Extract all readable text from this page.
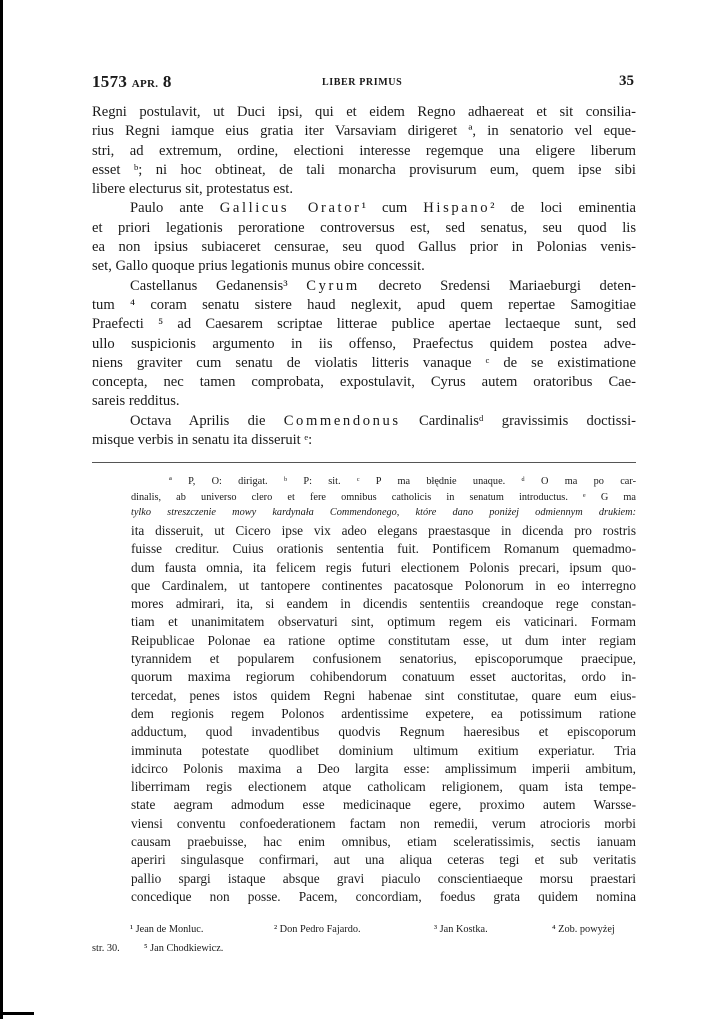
1573 APR. 8	LIBER PRIMUS	35

Regni postulavit, ut Duci ipsi, qui et eidem Regno adhaereat et sit consilia-

rius Regni iamque eius gratia iter Varsaviam dirigeret ª, in senatorio vel eque-

stri, ad extremum, ordine, electioni interesse regemque una eligere liberum

esset ᵇ; ni hoc obtineat, de tali monarcha provisurum eum, quem ipse sibi

libere electurus sit, protestatus est.

Paulo ante Gallicus Orator¹ cum Hispano² de loci eminentia

et priori legationis peroratione controversus est, sed senatus, seu quod lis

ea non ipsius subiaceret censurae, seu quod Gallus prior in Polonias venis-

set, Gallo quoque prius legationis munus obire concessit.

Castellanus Gedanensis³ Cyrum decreto Sredensi Mariaeburgi deten-

tum ⁴ coram senatu sistere haud neglexit, apud quem repertae Samogitiae

Praefecti ⁵ ad Caesarem scriptae litterae publice apertae lectaeque sunt, sed

ullo suspicionis argumento in iis offenso, Praefectus quidem postea adve-

niens graviter cum senatu de violatis litteris vanaque ᶜ de se existimatione

concepta, nec tamen comprobata, expostulavit, Cyrus autem oratoribus Cae-

sareis redditus.

Octava Aprilis die Commendonus Cardinalisᵈ gravissimis doctissi-

misque verbis in senatu ita disseruit ᵉ:

ª P, O: dirigat. ᵇ P: sit. ᶜ P ma błędnie unaque. ᵈ O ma po car-

dinalis, ab universo clero et fere omnibus catholicis in senatum introductus. ᵉ G ma

tylko streszczenie mowy kardynała Commendonego, które dano poniżej odmiennym drukiem:

ita disseruit, ut Cicero ipse vix adeo elegans praestasque in dicenda pro rostris

fuisse creditur. Cuius orationis sententia fuit. Pontificem Romanum quemadmo-

dum fausta omnia, ita felicem regis futuri electionem Polonis precari, ipsum quo-

que Cardinalem, ut tantopere continentes pacatosque Polonorum in eo interregno

mores admirari, ita, si eandem in dicendis sententiis creandoque rege constan-

tiam et unanimitatem observaturi sint, optimum regem eis vaticinari. Formam

Reipublicae Polonae ea ratione optime constitutam esse, ut dum inter regiam

tyrannidem et popularem confusionem senatorius, episcoporumque praecipue,

quorum maxima regiorum cohibendorum conatuum esset auctoritas, ordo in-

tercedat, penes istos quidem Regni habenae sint constitutae, quare eum eius-

dem regionis regem Polonos ardentissime expetere, ea potissimum ratione

adductum, quod invadentibus quodvis Regnum haeresibus et episcoporum

imminuta potestate quodlibet dominium ultimum exitium experiatur. Tria

idcirco Polonis maxima a Deo largita esse: amplissimum imperii ambitum,

liberrimam regis electionem atque catholicam religionem, quam ista tempe-

state aegram admodum esse medicinaque egere, proximo autem Warsse-

viensi conventu confoederationem factam non remedii, verum atrocioris morbi

causam praebuisse, hac enim omnibus, etiam sceleratissimis, sectis ianuam

aperiri singulasque confirmari, aut una aliqua ceteras tegi et sub veritatis

pallio spargi istaque absque gravi piaculo conscientiaeque morsu praestari

concedique non posse. Pacem, concordiam, foedus grata quidem nomina

¹ Jean de Monluc.	² Don Pedro Fajardo.	³ Jan Kostka.	⁴ Zob. powyżej
str. 30. ⁵ Jan Chodkiewicz.
